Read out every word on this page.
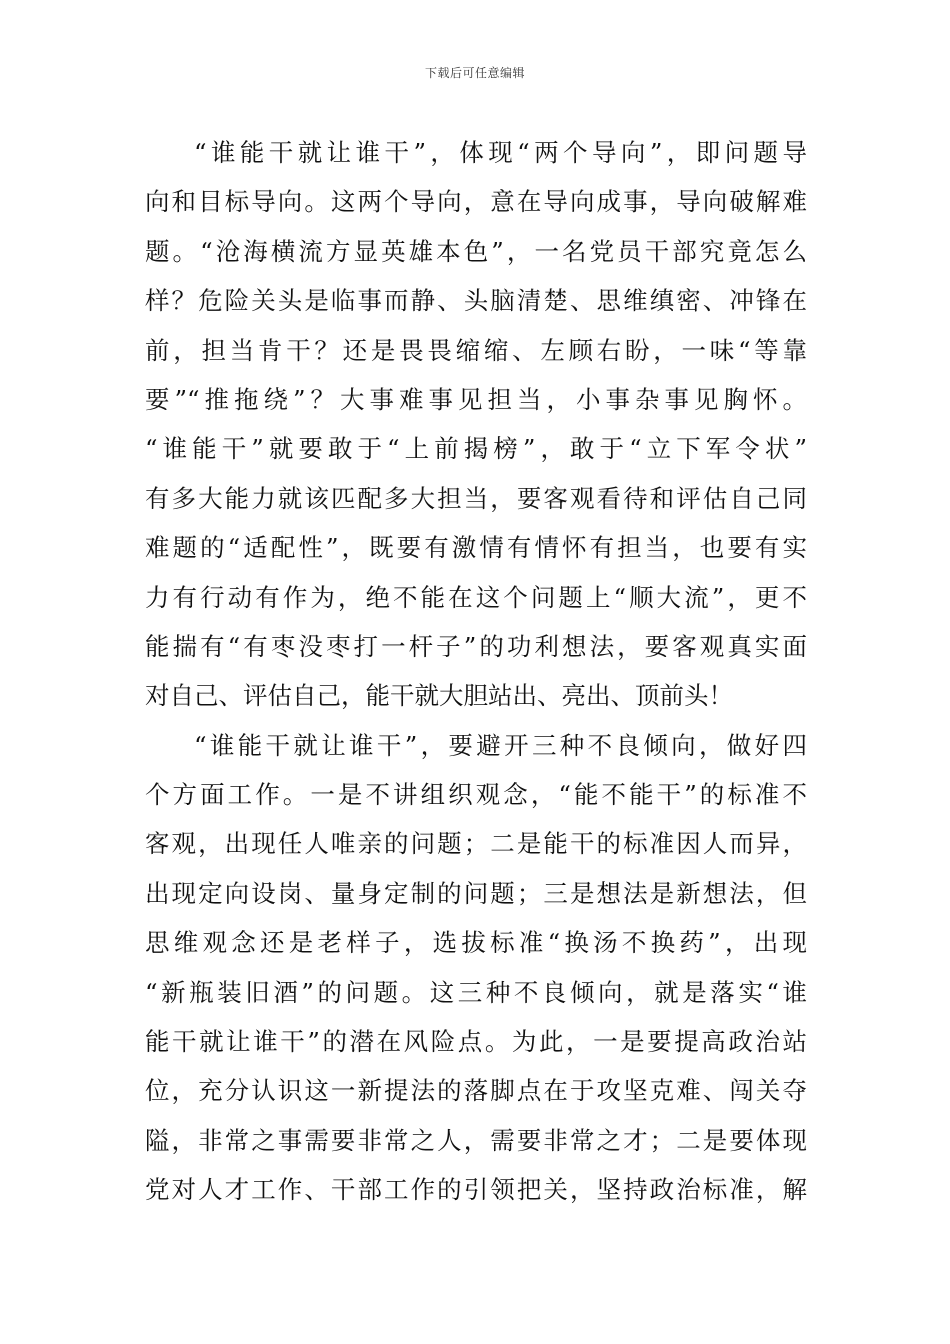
下载后可任意编辑
“谁能干就让谁干”，体现“两个导向”，即问题导
向和目标导向。这两个导向，意在导向成事，导向破解难
题。“沧海横流方显英雄本色”，一名党员干部究竟怎么
样？危险关头是临事而静、头脑清楚、思维缜密、冲锋在
前，担当肯干？还是畏畏缩缩、左顾右盼，一味“等靠
要”“推拖绕”？大事难事见担当，小事杂事见胸怀。
“谁能干”就要敢于“上前揭榜”，敢于“立下军令状”
有多大能力就该匹配多大担当，要客观看待和评估自己同
难题的“适配性”，既要有激情有情怀有担当，也要有实
力有行动有作为，绝不能在这个问题上“顺大流”，更不
能揣有“有枣没枣打一杆子”的功利想法，要客观真实面
对自己、评估自己，能干就大胆站出、亮出、顶前头！
“谁能干就让谁干”，要避开三种不良倾向，做好四
个方面工作。一是不讲组织观念，“能不能干”的标准不
客观，出现任人唯亲的问题；二是能干的标准因人而异，
出现定向设岗、量身定制的问题；三是想法是新想法，但
思维观念还是老样子，选拔标准“换汤不换药”，出现
“新瓶装旧酒”的问题。这三种不良倾向，就是落实“谁
能干就让谁干”的潜在风险点。为此，一是要提高政治站
位，充分认识这一新提法的落脚点在于攻坚克难、闯关夺
隘，非常之事需要非常之人，需要非常之才；二是要体现
党对人才工作、干部工作的引领把关，坚持政治标准，解
